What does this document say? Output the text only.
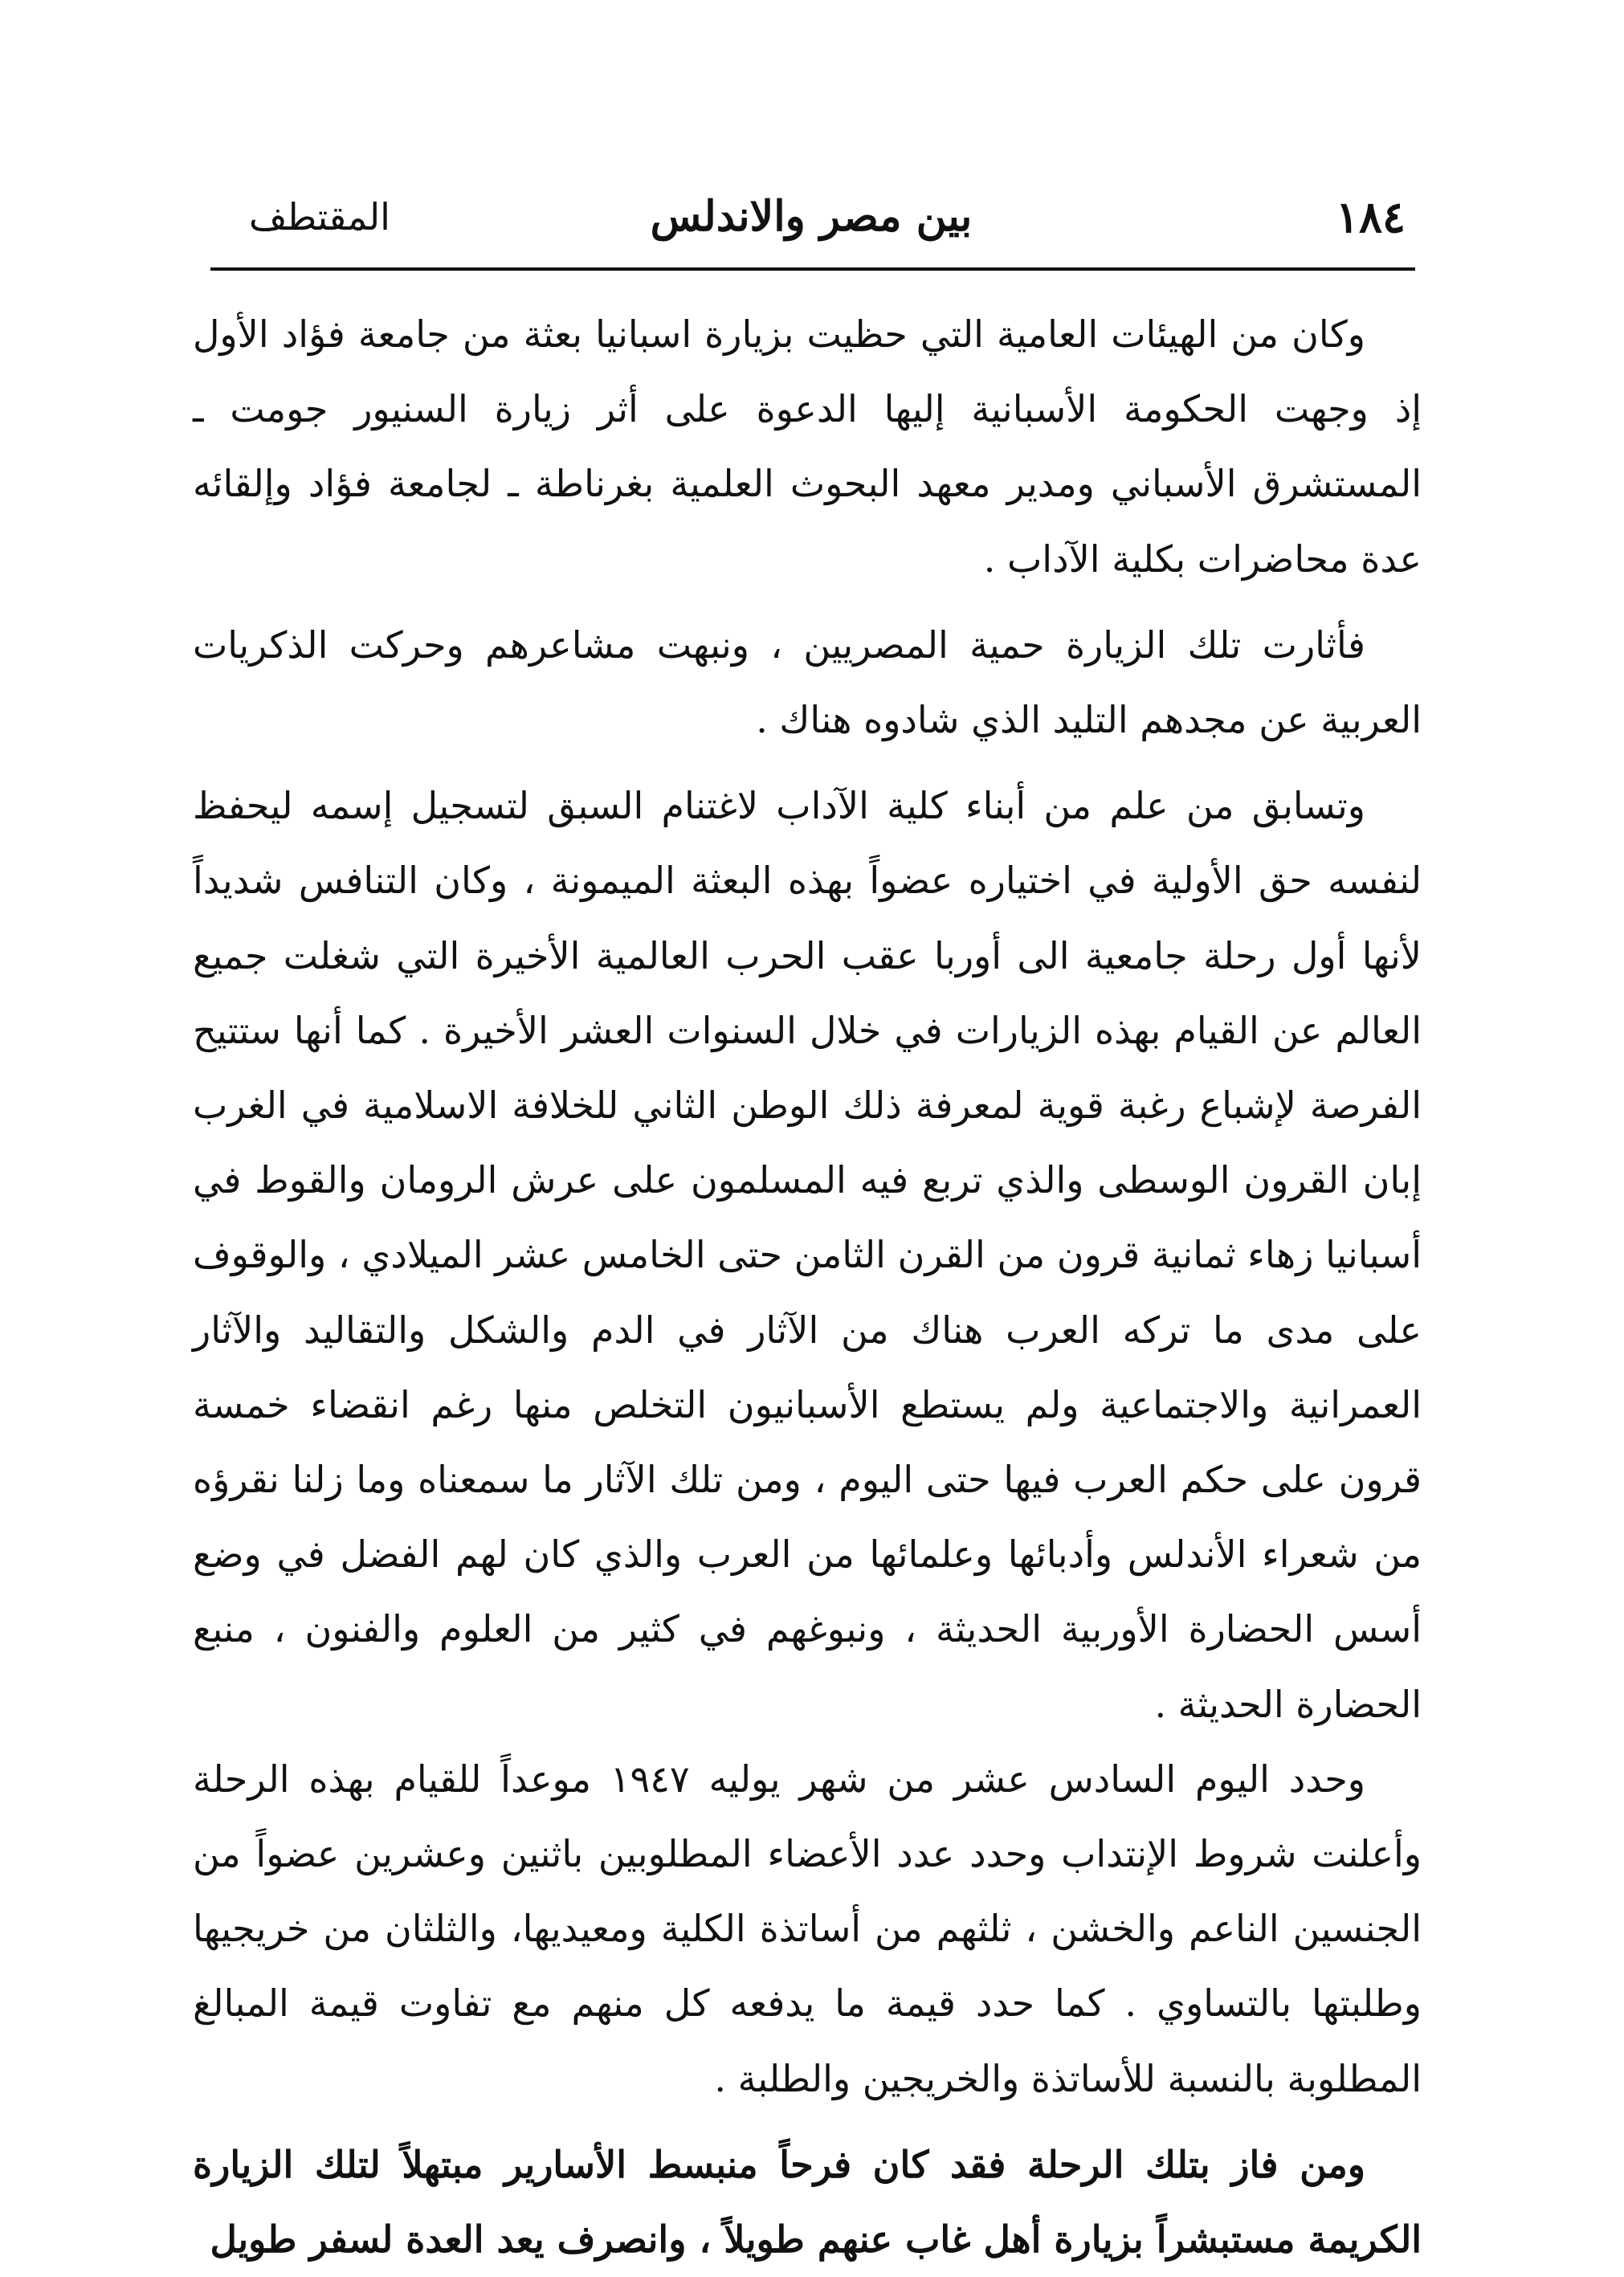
١٨٤
بين مصر والاندلس
المقتطف

وكان من الهيئات العامية التي حظيت بزيارة اسبانيا بعثة من جامعة فؤاد الأول إذ وجهت الحكومة الأسبانية إليها الدعوة على أثر زيارة السنيور جومت ـ المستشرق الأسباني ومدير معهد البحوث العلمية بغرناطة ـ لجامعة فؤاد وإلقائه عدة محاضرات بكلية الآداب .

فأثارت تلك الزيارة حمية المصريين ، ونبهت مشاعرهم وحركت الذكريات العربية عن مجدهم التليد الذي شادوه هناك .

وتسابق من علم من أبناء كلية الآداب لاغتنام السبق لتسجيل إسمه ليحفظ لنفسه حق الأولية في اختياره عضواً بهذه البعثة الميمونة ، وكان التنافس شديداً لأنها أول رحلة جامعية الى أوربا عقب الحرب العالمية الأخيرة التي شغلت جميع العالم عن القيام بهذه الزيارات في خلال السنوات العشر الأخيرة . كما أنها ستتيح الفرصة لإشباع رغبة قوية لمعرفة ذلك الوطن الثاني للخلافة الاسلامية في الغرب إبان القرون الوسطى والذي تربع فيه المسلمون على عرش الرومان والقوط في أسبانيا زهاء ثمانية قرون من القرن الثامن حتى الخامس عشر الميلادي ، والوقوف على مدى ما تركه العرب هناك من الآثار في الدم والشكل والتقاليد والآثار العمرانية والاجتماعية ولم يستطع الأسبانيون التخلص منها رغم انقضاء خمسة قرون على حكم العرب فيها حتى اليوم ، ومن تلك الآثار ما سمعناه وما زلنا نقرؤه من شعراء الأندلس وأدبائها وعلمائها من العرب والذي كان لهم الفضل في وضع أسس الحضارة الأوربية الحديثة ، ونبوغهم في كثير من العلوم والفنون ، منبع الحضارة الحديثة .

وحدد اليوم السادس عشر من شهر يوليه ١٩٤٧ موعداً للقيام بهذه الرحلة وأعلنت شروط الإنتداب وحدد عدد الأعضاء المطلوبين باثنين وعشرين عضواً من الجنسين الناعم والخشن ، ثلثهم من أساتذة الكلية ومعيديها، والثلثان من خريجيها وطلبتها بالتساوي . كما حدد قيمة ما يدفعه كل منهم مع تفاوت قيمة المبالغ المطلوبة بالنسبة للأساتذة والخريجين والطلبة .

ومن فاز بتلك الرحلة فقد كان فرحاً منبسط الأسارير مبتهلاً لتلك الزيارة الكريمة مستبشراً بزيارة أهل غاب عنهم طويلاً ، وانصرف يعد العدة لسفر طويل
